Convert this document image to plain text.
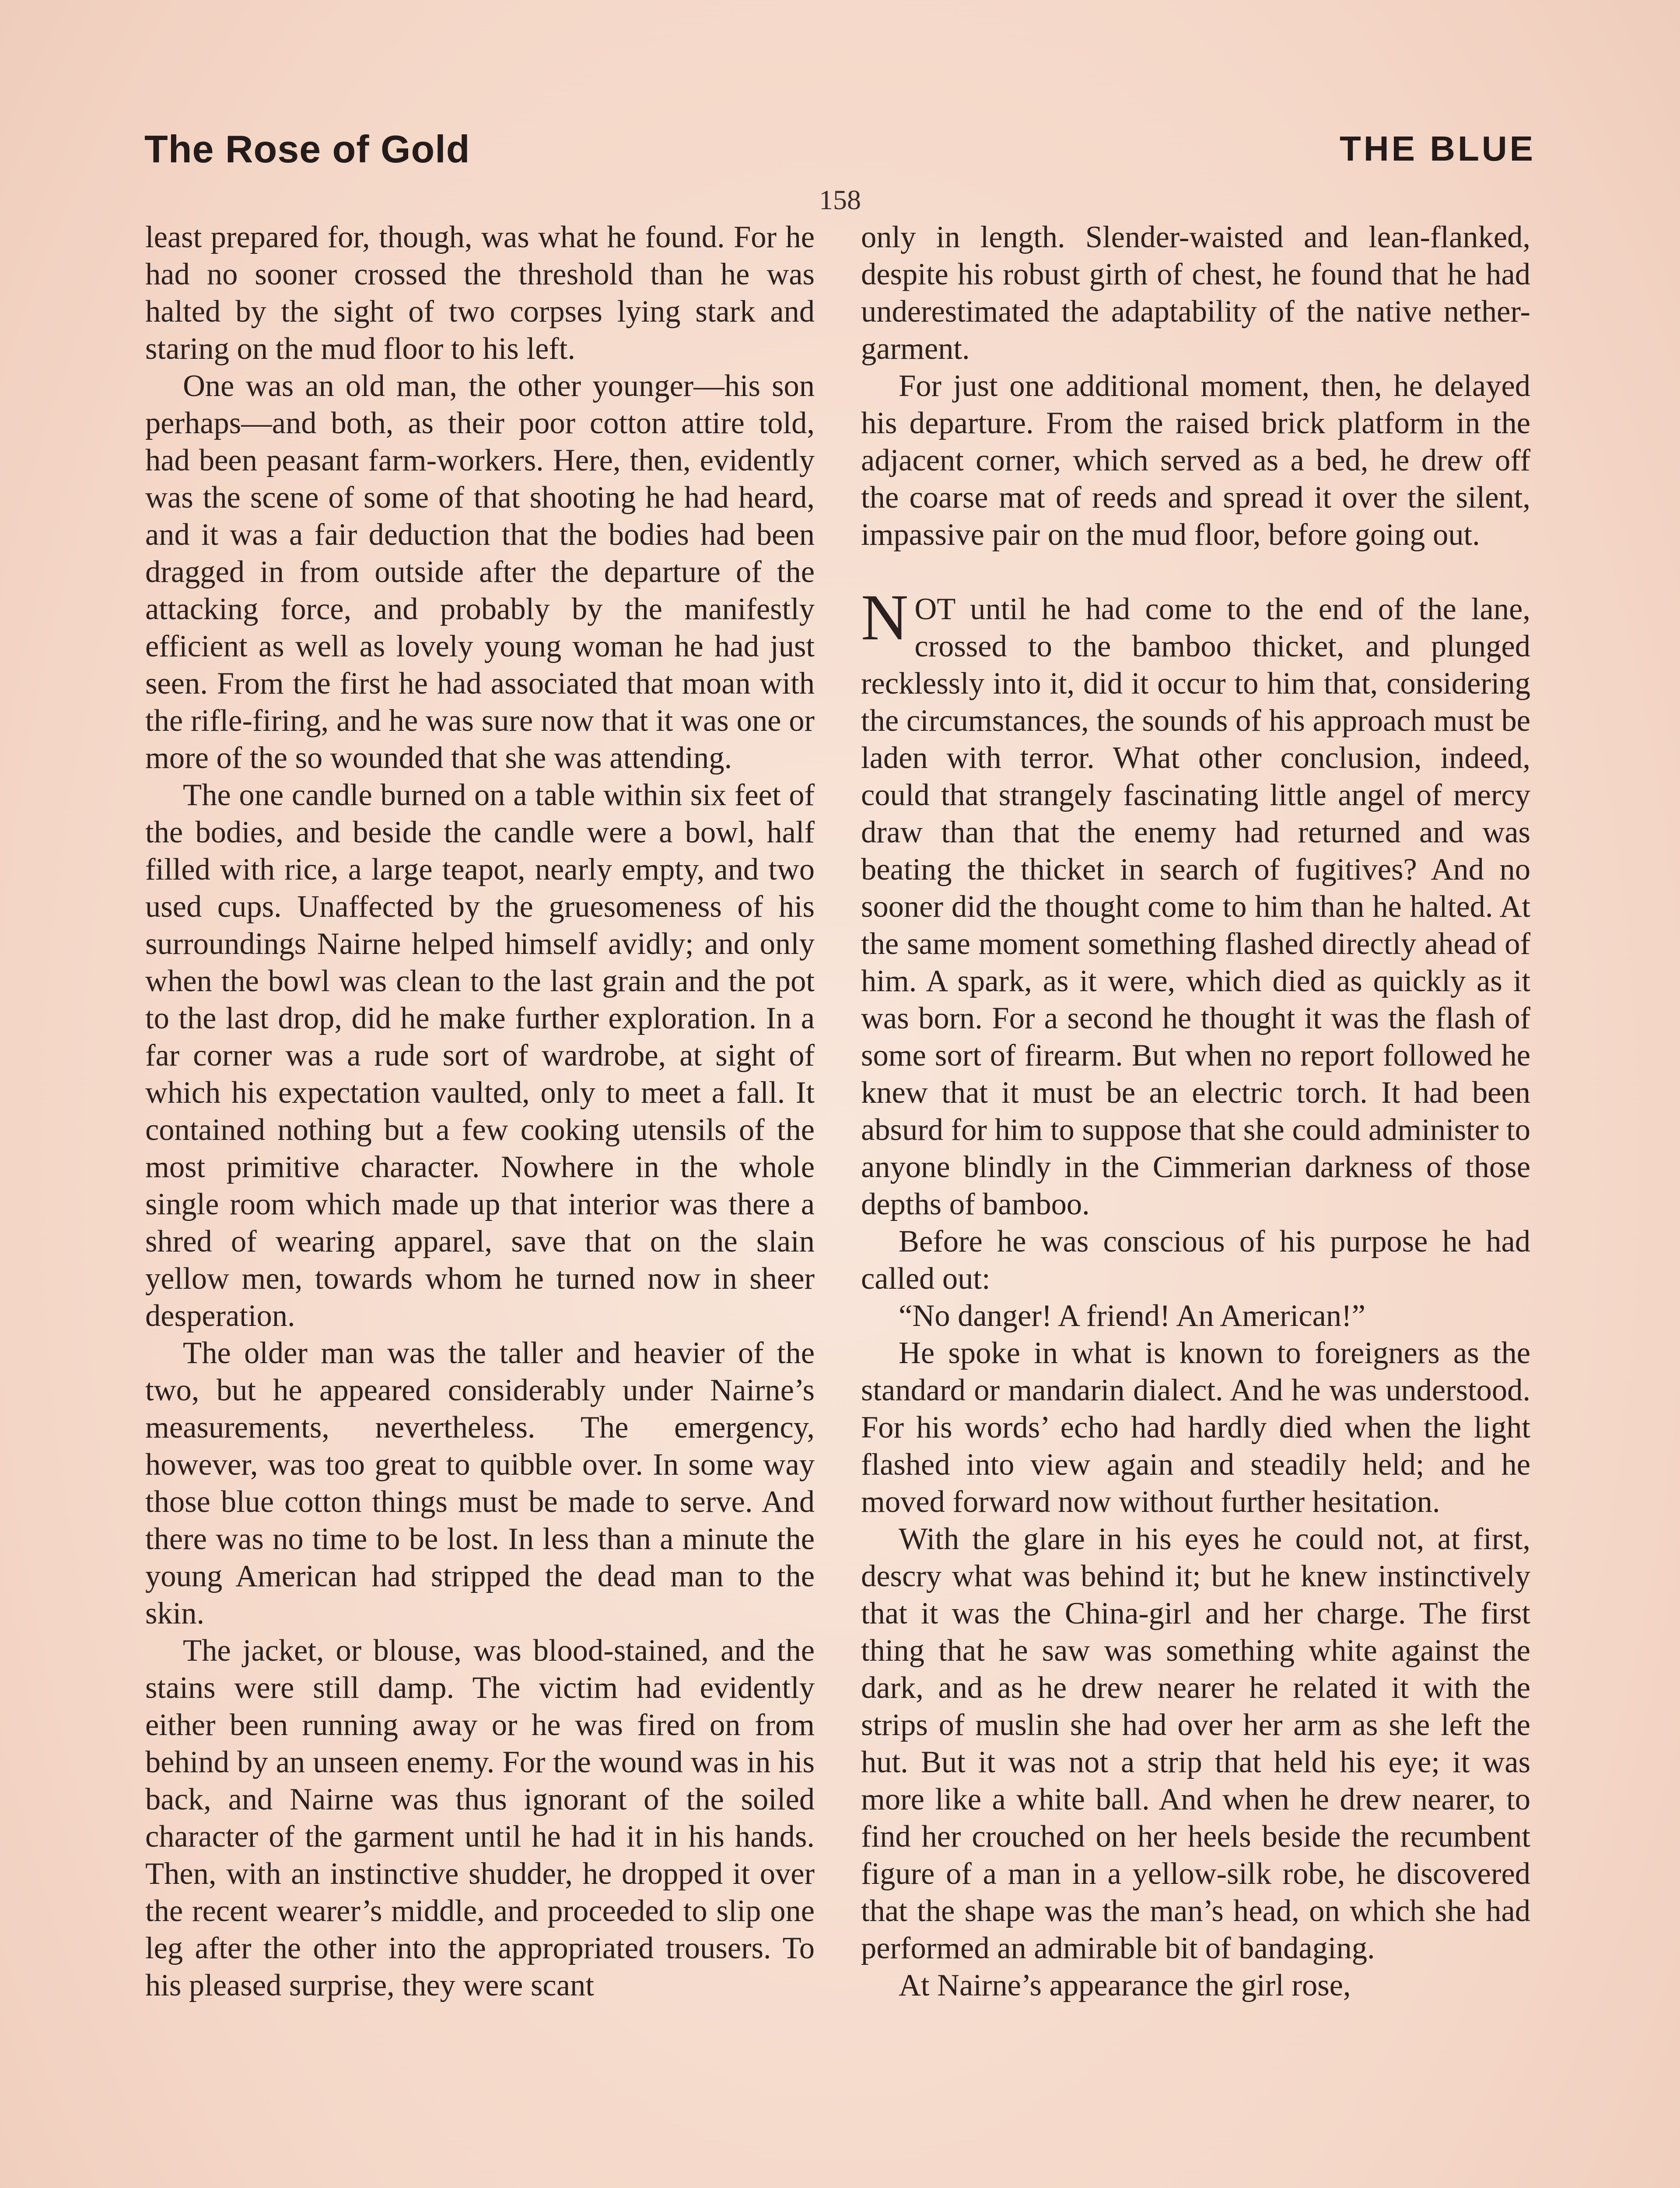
The Rose of Gold	THE BLUE
158

least prepared for, though, was what he found. For he had no sooner crossed the threshold than he was halted by the sight of two corpses lying stark and staring on the mud floor to his left.

One was an old man, the other younger—his son perhaps—and both, as their poor cotton attire told, had been peasant farm-workers. Here, then, evidently was the scene of some of that shooting he had heard, and it was a fair deduction that the bodies had been dragged in from outside after the departure of the attacking force, and probably by the manifestly efficient as well as lovely young woman he had just seen. From the first he had associated that moan with the rifle-firing, and he was sure now that it was one or more of the so wounded that she was attending.

The one candle burned on a table within six feet of the bodies, and beside the candle were a bowl, half filled with rice, a large teapot, nearly empty, and two used cups. Unaffected by the gruesomeness of his surroundings Nairne helped himself avidly; and only when the bowl was clean to the last grain and the pot to the last drop, did he make further exploration. In a far corner was a rude sort of wardrobe, at sight of which his expectation vaulted, only to meet a fall. It contained nothing but a few cooking utensils of the most primitive character. Nowhere in the whole single room which made up that interior was there a shred of wearing apparel, save that on the slain yellow men, towards whom he turned now in sheer desperation.

The older man was the taller and heavier of the two, but he appeared considerably under Nairne’s measurements, nevertheless. The emergency, however, was too great to quibble over. In some way those blue cotton things must be made to serve. And there was no time to be lost. In less than a minute the young American had stripped the dead man to the skin.

The jacket, or blouse, was blood-stained, and the stains were still damp. The victim had evidently either been running away or he was fired on from behind by an unseen enemy. For the wound was in his back, and Nairne was thus ignorant of the soiled character of the garment until he had it in his hands. Then, with an instinctive shudder, he dropped it over the recent wearer’s middle, and proceeded to slip one leg after the other into the appropriated trousers. To his pleased surprise, they were scant

only in length. Slender-waisted and lean-flanked, despite his robust girth of chest, he found that he had underestimated the adaptability of the native nether-garment.

For just one additional moment, then, he delayed his departure. From the raised brick platform in the adjacent corner, which served as a bed, he drew off the coarse mat of reeds and spread it over the silent, impassive pair on the mud floor, before going out.

NOT until he had come to the end of the lane, crossed to the bamboo thicket, and plunged recklessly into it, did it occur to him that, considering the circumstances, the sounds of his approach must be laden with terror. What other conclusion, indeed, could that strangely fascinating little angel of mercy draw than that the enemy had returned and was beating the thicket in search of fugitives? And no sooner did the thought come to him than he halted. At the same moment something flashed directly ahead of him. A spark, as it were, which died as quickly as it was born. For a second he thought it was the flash of some sort of firearm. But when no report followed he knew that it must be an electric torch. It had been absurd for him to suppose that she could administer to anyone blindly in the Cimmerian darkness of those depths of bamboo.

Before he was conscious of his purpose he had called out:

“No danger! A friend! An American!”

He spoke in what is known to foreigners as the standard or mandarin dialect. And he was understood. For his words’ echo had hardly died when the light flashed into view again and steadily held; and he moved forward now without further hesitation.

With the glare in his eyes he could not, at first, descry what was behind it; but he knew instinctively that it was the China-girl and her charge. The first thing that he saw was something white against the dark, and as he drew nearer he related it with the strips of muslin she had over her arm as she left the hut. But it was not a strip that held his eye; it was more like a white ball. And when he drew nearer, to find her crouched on her heels beside the recumbent figure of a man in a yellow-silk robe, he discovered that the shape was the man’s head, on which she had performed an admirable bit of bandaging.

At Nairne’s appearance the girl rose,
